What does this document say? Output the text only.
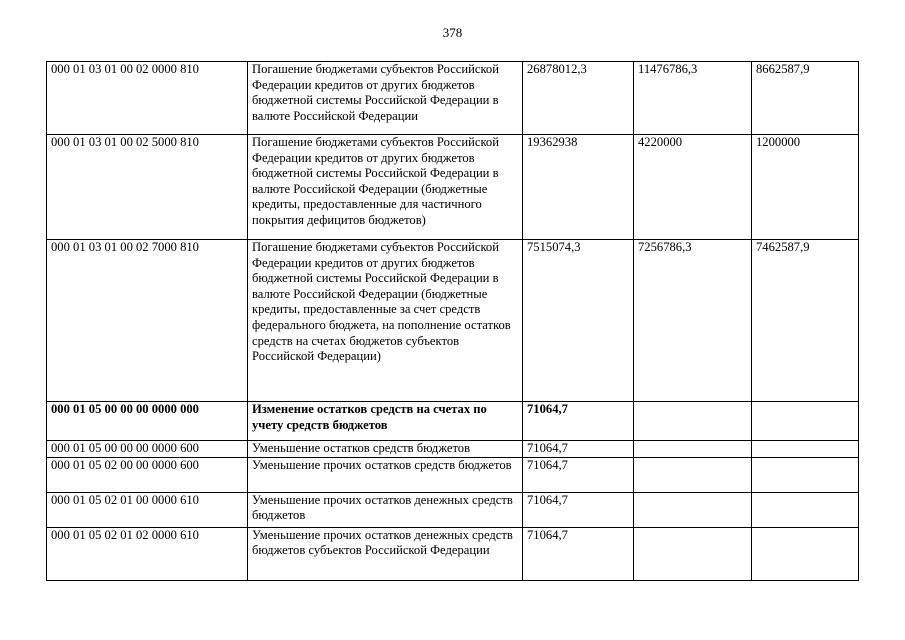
378
000 01 03 01 00 02 0000 810	Погашение бюджетами субъектов Российской Федерации кредитов от других бюджетов бюджетной системы Российской Федерации в валюте Российской Федерации	26878012,3	11476786,3	8662587,9
000 01 03 01 00 02 5000 810	Погашение бюджетами субъектов Российской Федерации кредитов от других бюджетов бюджетной системы Российской Федерации в валюте Российской Федерации (бюджетные кредиты, предоставленные для частичного покрытия дефицитов бюджетов)	19362938	4220000	1200000
000 01 03 01 00 02 7000 810	Погашение бюджетами субъектов Российской Федерации кредитов от других бюджетов бюджетной системы Российской Федерации в валюте Российской Федерации (бюджетные кредиты, предоставленные за счет средств федерального бюджета, на пополнение остатков средств на счетах бюджетов субъектов Российской Федерации)	7515074,3	7256786,3	7462587,9
000 01 05 00 00 00 0000 000	Изменение остатков средств на счетах по учету средств бюджетов	71064,7		
000 01 05 00 00 00 0000 600	Уменьшение остатков средств бюджетов	71064,7		
000 01 05 02 00 00 0000 600	Уменьшение прочих остатков средств бюджетов	71064,7		
000 01 05 02 01 00 0000 610	Уменьшение прочих остатков денежных средств бюджетов	71064,7		
000 01 05 02 01 02 0000 610	Уменьшение прочих остатков денежных средств бюджетов субъектов Российской Федерации	71064,7		
